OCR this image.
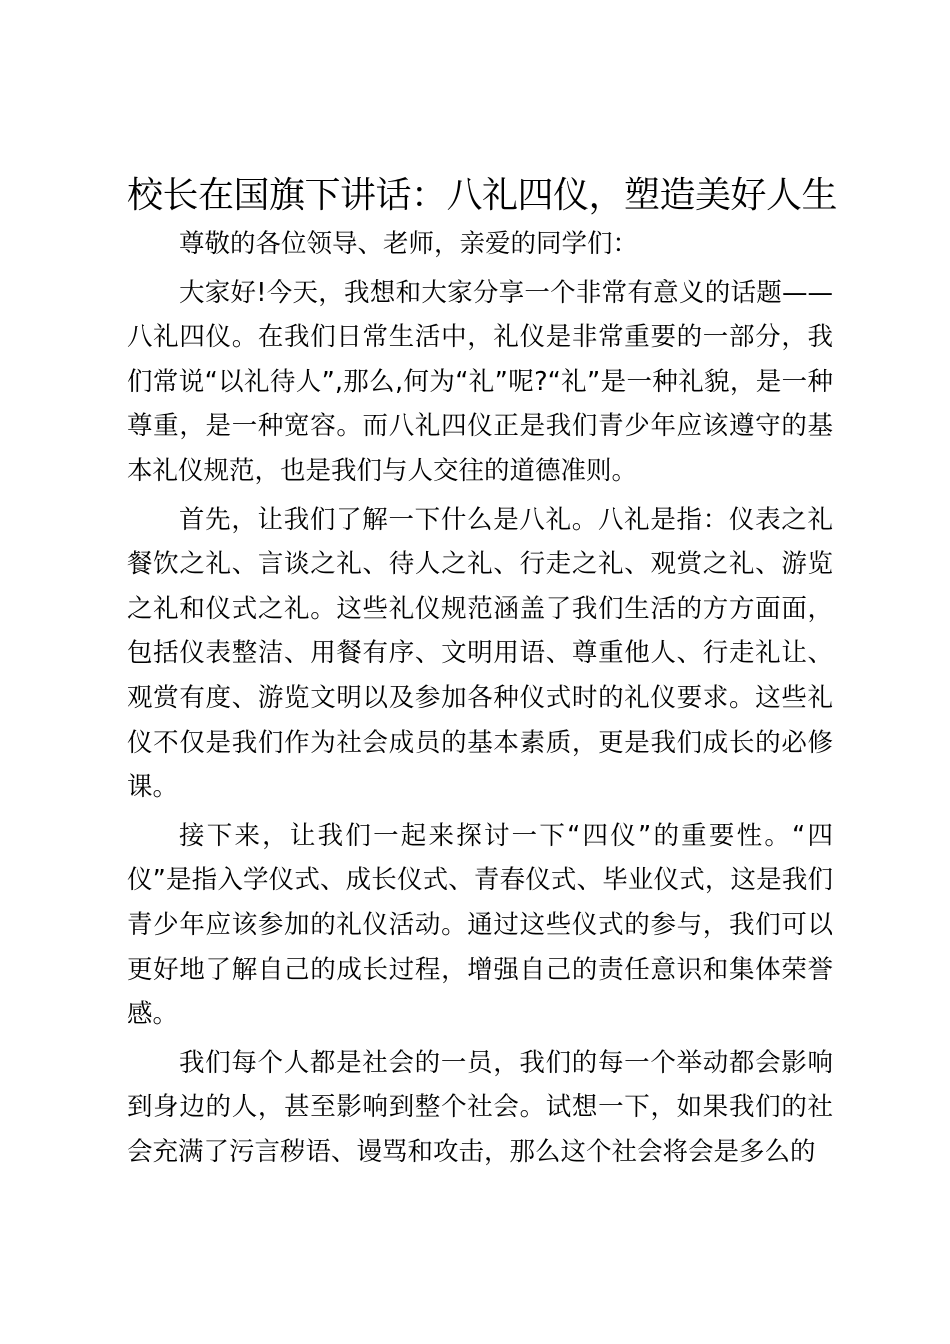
校长在国旗下讲话：八礼四仪，塑造美好人生

尊敬的各位领导、老师，亲爱的同学们：

大家好!今天，我想和大家分享一个非常有意义的话题——八礼四仪。在我们日常生活中，礼仪是非常重要的一部分，我们常说“以礼待人”,那么,何为“礼”呢?“礼”是一种礼貌，是一种尊重，是一种宽容。而八礼四仪正是我们青少年应该遵守的基本礼仪规范，也是我们与人交往的道德准则。

首先，让我们了解一下什么是八礼。八礼是指：仪表之礼餐饮之礼、言谈之礼、待人之礼、行走之礼、观赏之礼、游览之礼和仪式之礼。这些礼仪规范涵盖了我们生活的方方面面，包括仪表整洁、用餐有序、文明用语、尊重他人、行走礼让、观赏有度、游览文明以及参加各种仪式时的礼仪要求。这些礼仪不仅是我们作为社会成员的基本素质，更是我们成长的必修课。

接下来，让我们一起来探讨一下“四仪”的重要性。“四仪”是指入学仪式、成长仪式、青春仪式、毕业仪式，这是我们青少年应该参加的礼仪活动。通过这些仪式的参与，我们可以更好地了解自己的成长过程，增强自己的责任意识和集体荣誉感。

我们每个人都是社会的一员，我们的每一个举动都会影响到身边的人，甚至影响到整个社会。试想一下，如果我们的社会充满了污言秽语、谩骂和攻击，那么这个社会将会是多么的
